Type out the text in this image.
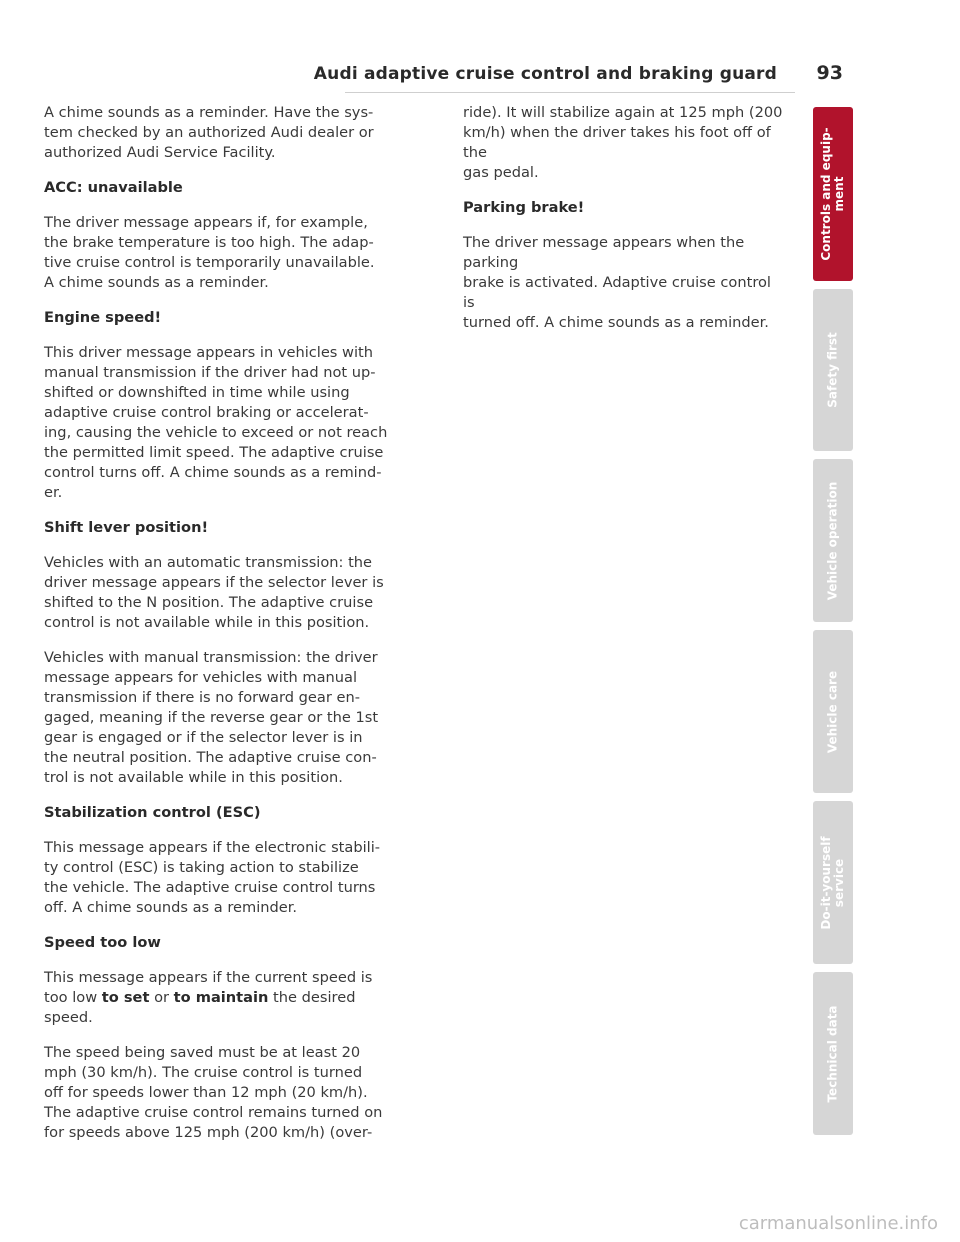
Audi adaptive cruise control and braking guard 93

A chime sounds as a reminder. Have the sys-
tem checked by an authorized Audi dealer or
authorized Audi Service Facility.

ACC: unavailable

The driver message appears if, for example,
the brake temperature is too high. The adap-
tive cruise control is temporarily unavailable.
A chime sounds as a reminder.

Engine speed!

This driver message appears in vehicles with
manual transmission if the driver had not up-
shifted or downshifted in time while using
adaptive cruise control braking or accelerat-
ing, causing the vehicle to exceed or not reach
the permitted limit speed. The adaptive cruise
control turns off. A chime sounds as a remind-
er.

Shift lever position!

Vehicles with an automatic transmission: the
driver message appears if the selector lever is
shifted to the N position. The adaptive cruise
control is not available while in this position.

Vehicles with manual transmission: the driver
message appears for vehicles with manual
transmission if there is no forward gear en-
gaged, meaning if the reverse gear or the 1st
gear is engaged or if the selector lever is in
the neutral position. The adaptive cruise con-
trol is not available while in this position.

Stabilization control (ESC)

This message appears if the electronic stabili-
ty control (ESC) is taking action to stabilize
the vehicle. The adaptive cruise control turns
off. A chime sounds as a reminder.

Speed too low

This message appears if the current speed is
too low to set or to maintain the desired
speed.

The speed being saved must be at least 20
mph (30 km/h). The cruise control is turned
off for speeds lower than 12 mph (20 km/h).
The adaptive cruise control remains turned on
for speeds above 125 mph (200 km/h) (over-

ride). It will stabilize again at 125 mph (200
km/h) when the driver takes his foot off of the
gas pedal.

Parking brake!

The driver message appears when the parking
brake is activated. Adaptive cruise control is
turned off. A chime sounds as a reminder.

Controls and equip-
ment
Safety first
Vehicle operation
Vehicle care
Do-it-yourself
service
Technical data
carmanualsonline.info
